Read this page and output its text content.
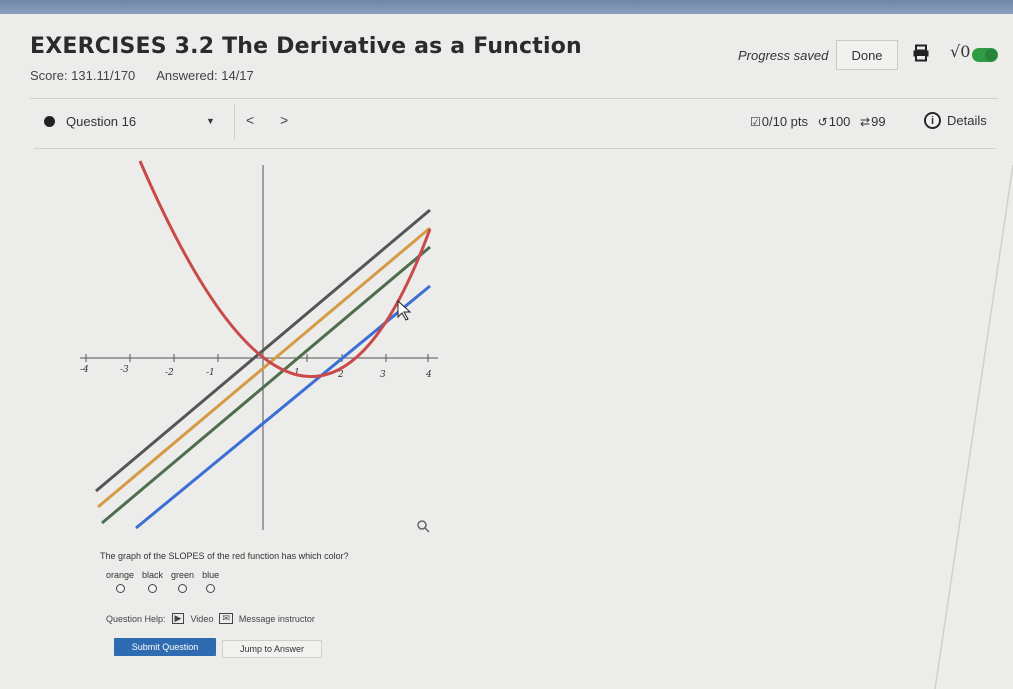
EXERCISES 3.2 The Derivative as a Function
Score: 131.11/170 Answered: 14/17
Progress saved	Done	√0
Question 16	▼ < >	☑0/10 pts ↺100 ⇄99	i Details
-4	-3	-2	-1	1	2	3	4
The graph of the SLOPES of the red function has which color?
orange black green blue
Question Help:	▶	Video	✉	Message instructor
Submit Question	Jump to Answer
